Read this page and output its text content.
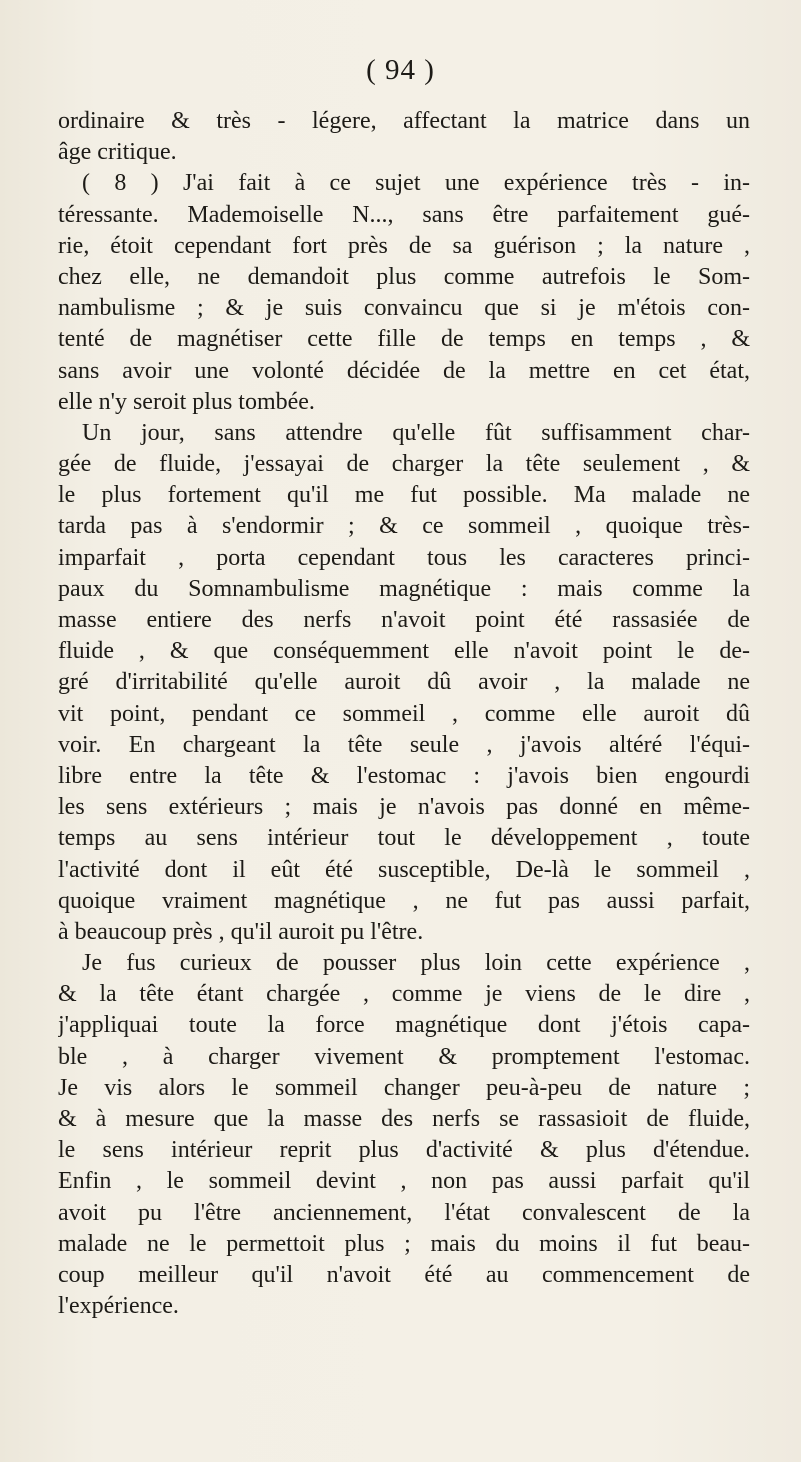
( 94 )
ordinaire & très - légere, affectant la matrice dans un
âge critique.
( 8 ) J'ai fait à ce sujet une expérience très - in-
téressante. Mademoiselle N..., sans être parfaitement gué-
rie, étoit cependant fort près de sa guérison ; la nature ,
chez elle, ne demandoit plus comme autrefois le Som-
nambulisme ; & je suis convaincu que si je m'étois con-
tenté de magnétiser cette fille de temps en temps , &
sans avoir une volonté décidée de la mettre en cet état,
elle n'y seroit plus tombée.
Un jour, sans attendre qu'elle fût suffisamment char-
gée de fluide, j'essayai de charger la tête seulement , &
le plus fortement qu'il me fut possible. Ma malade ne
tarda pas à s'endormir ; & ce sommeil , quoique très-
imparfait , porta cependant tous les caracteres princi-
paux du Somnambulisme magnétique : mais comme la
masse entiere des nerfs n'avoit point été rassasiée de
fluide , & que conséquemment elle n'avoit point le de-
gré d'irritabilité qu'elle auroit dû avoir , la malade ne
vit point, pendant ce sommeil , comme elle auroit dû
voir. En chargeant la tête seule , j'avois altéré l'équi-
libre entre la tête & l'estomac : j'avois bien engourdi
les sens extérieurs ; mais je n'avois pas donné en même-
temps au sens intérieur tout le développement , toute
l'activité dont il eût été susceptible, De-là le sommeil ,
quoique vraiment magnétique , ne fut pas aussi parfait,
à beaucoup près , qu'il auroit pu l'être.
Je fus curieux de pousser plus loin cette expérience ,
& la tête étant chargée , comme je viens de le dire ,
j'appliquai toute la force magnétique dont j'étois capa-
ble , à charger vivement & promptement l'estomac.
Je vis alors le sommeil changer peu-à-peu de nature ;
& à mesure que la masse des nerfs se rassasioit de fluide,
le sens intérieur reprit plus d'activité & plus d'étendue.
Enfin , le sommeil devint , non pas aussi parfait qu'il
avoit pu l'être anciennement, l'état convalescent de la
malade ne le permettoit plus ; mais du moins il fut beau-
coup meilleur qu'il n'avoit été au commencement de
l'expérience.
